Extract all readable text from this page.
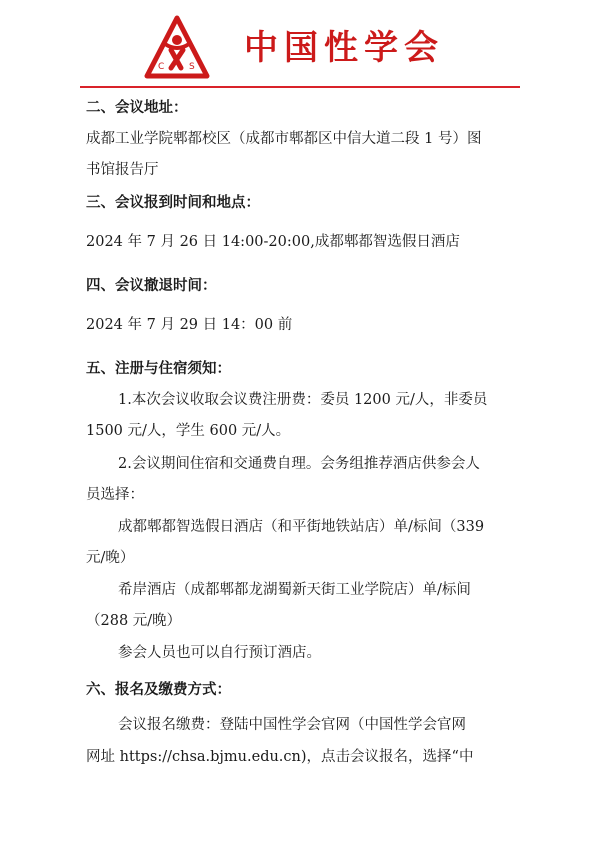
C	S 中国性学会
二、会议地址：
成都工业学院郫都校区（成都市郫都区中信大道二段 1 号）图
书馆报告厅
三、会议报到时间和地点：
2024 年 7 月 26 日 14:00-20:00,成都郫都智选假日酒店
四、会议撤退时间：
2024 年 7 月 29 日 14：00 前
五、注册与住宿须知：
1.本次会议收取会议费注册费：委员 1200 元/人，非委员
1500 元/人，学生 600 元/人。
2.会议期间住宿和交通费自理。会务组推荐酒店供参会人
员选择：
成都郫都智选假日酒店（和平街地铁站店）单/标间（339
元/晚）
希岸酒店（成都郫都龙湖蜀新天街工业学院店）单/标间
（288 元/晚）
参会人员也可以自行预订酒店。
六、报名及缴费方式：
会议报名缴费：登陆中国性学会官网（中国性学会官网
网址 https://chsa.bjmu.edu.cn)，点击会议报名，选择“中
